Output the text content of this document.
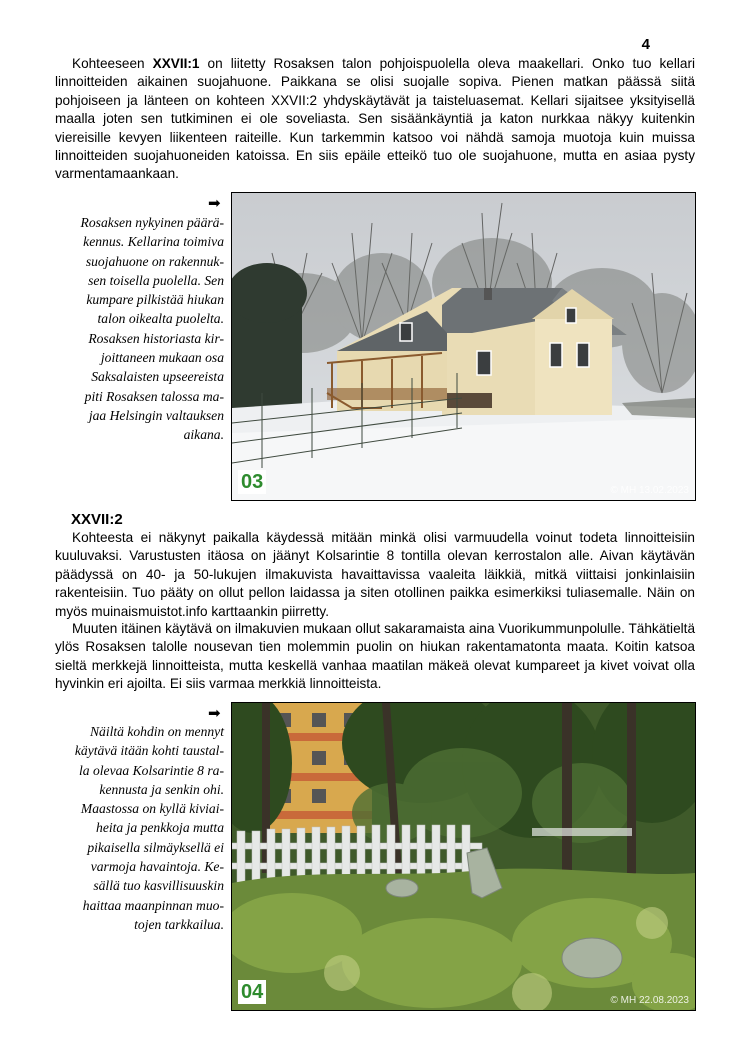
4

Kohteeseen XXVII:1 on liitetty Rosaksen talon pohjoispuolella oleva maakellari. Onko tuo kellari linnoitteiden aikainen suojahuone. Paikkana se olisi suojalle sopiva. Pienen matkan päässä siitä pohjoiseen ja länteen on kohteen XXVII:2 yhdyskäytävät ja taisteluasemat. Kellari sijaitsee yksityisellä maalla joten sen tutkiminen ei ole soveliasta. Sen sisäänkäyntiä ja katon nurkkaa näkyy kuitenkin viereisille kevyen liikenteen raiteille. Kun tarkemmin katsoo voi nähdä samoja muotoja kuin muissa linnoitteiden suojahuoneiden katoissa. En siis epäile etteikö tuo ole suojahuone, mutta en asiaa pysty varmentamaankaan.

➡
Rosaksen nykyinen päärä-
kennus. Kellarina toimiva
suojahuone on rakennuk-
sen toisella puolella. Sen
kumpare pilkistää hiukan
talon oikealta puolelta.
Rosaksen historiasta kir-
joittaneen mukaan osa
Saksalaisten upseereista
piti Rosaksen talossa ma-
jaa Helsingin valtauksen
aikana.
03	© MH 13.02.2023
XXVII:2

Kohteesta ei näkynyt paikalla käydessä mitään minkä olisi varmuudella voinut todeta linnoitteisiin kuuluvaksi. Varustusten itäosa on jäänyt Kolsarintie 8 tontilla olevan kerrostalon alle. Aivan käytävän päädyssä on 40- ja 50-lukujen ilmakuvista havaittavissa vaaleita läikkiä, mitkä viittaisi jonkinlaisiin rakenteisiin. Tuo pääty on ollut pellon laidassa ja siten otollinen paikka esimerkiksi tuliasemalle. Näin on myös muinaismuistot.info karttaankin piirretty.

Muuten itäinen käytävä on ilmakuvien mukaan ollut sakaramaista aina Vuorikummunpolulle. Tähkätieltä ylös Rosaksen talolle nousevan tien molemmin puolin on hiukan rakentamatonta maata. Koitin katsoa sieltä merkkejä linnoitteista, mutta keskellä vanhaa maatilan mäkeä olevat kumpareet ja kivet voivat olla hyvinkin eri ajoilta. Ei siis varmaa merkkiä linnoitteista.

➡
Näiltä kohdin on mennyt
käytävä itään kohti taustal-
la olevaa Kolsarintie 8 ra-
kennusta ja senkin ohi.
Maastossa on kyllä kiviai-
heita ja penkkoja mutta
pikaisella silmäyksellä ei
varmoja havaintoja. Ke-
sällä tuo kasvillisuuskin
haittaa maanpinnan muo-
tojen tarkkailua.
04	© MH 22.08.2023
